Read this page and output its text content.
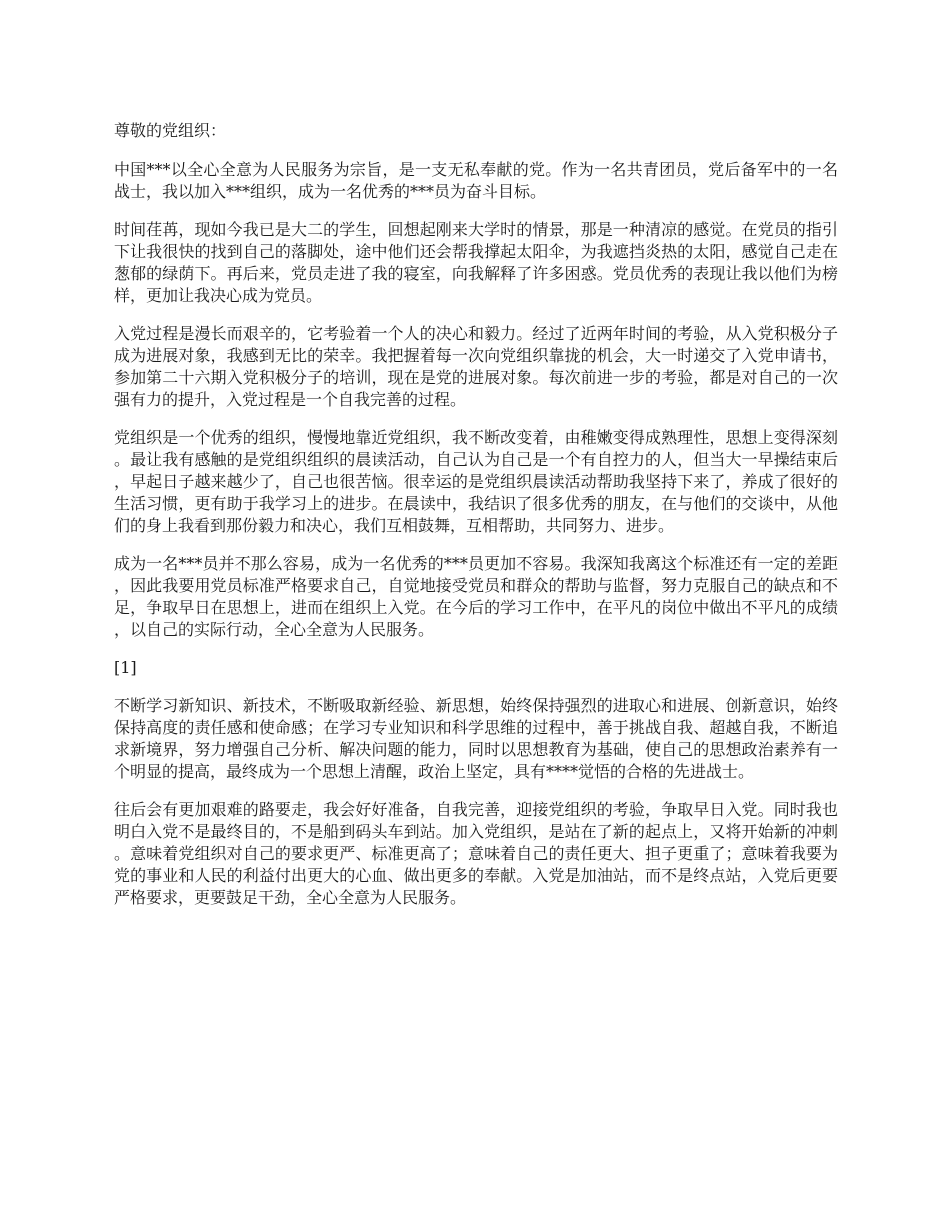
尊敬的党组织：

中国***以全心全意为人民服务为宗旨，是一支无私奉献的党。作为一名共青团员，党后备军中的一名战士，我以加入***组织，成为一名优秀的***员为奋斗目标。

时间荏苒，现如今我已是大二的学生，回想起刚来大学时的情景，那是一种清凉的感觉。在党员的指引下让我很快的找到自己的落脚处，途中他们还会帮我撑起太阳伞，为我遮挡炎热的太阳，感觉自己走在葱郁的绿荫下。再后来，党员走进了我的寝室，向我解释了许多困惑。党员优秀的表现让我以他们为榜样，更加让我决心成为党员。

入党过程是漫长而艰辛的，它考验着一个人的决心和毅力。经过了近两年时间的考验，从入党积极分子成为进展对象，我感到无比的荣幸。我把握着每一次向党组织靠拢的机会，大一时递交了入党申请书，参加第二十六期入党积极分子的培训，现在是党的进展对象。每次前进一步的考验，都是对自己的一次强有力的提升，入党过程是一个自我完善的过程。

党组织是一个优秀的组织，慢慢地靠近党组织，我不断改变着，由稚嫩变得成熟理性，思想上变得深刻。最让我有感触的是党组织组织的晨读活动，自己认为自己是一个有自控力的人，但当大一早操结束后，早起日子越来越少了，自己也很苦恼。很幸运的是党组织晨读活动帮助我坚持下来了，养成了很好的生活习惯，更有助于我学习上的进步。在晨读中，我结识了很多优秀的朋友，在与他们的交谈中，从他们的身上我看到那份毅力和决心，我们互相鼓舞，互相帮助，共同努力、进步。

成为一名***员并不那么容易，成为一名优秀的***员更加不容易。我深知我离这个标准还有一定的差距，因此我要用党员标准严格要求自己，自觉地接受党员和群众的帮助与监督，努力克服自己的缺点和不足，争取早日在思想上，进而在组织上入党。在今后的学习工作中，在平凡的岗位中做出不平凡的成绩，以自己的实际行动，全心全意为人民服务。

[1]

不断学习新知识、新技术，不断吸取新经验、新思想，始终保持强烈的进取心和进展、创新意识，始终保持高度的责任感和使命感；在学习专业知识和科学思维的过程中，善于挑战自我、超越自我，不断追求新境界，努力增强自己分析、解决问题的能力，同时以思想教育为基础，使自己的思想政治素养有一个明显的提高，最终成为一个思想上清醒，政治上坚定，具有****觉悟的合格的先进战士。

往后会有更加艰难的路要走，我会好好准备，自我完善，迎接党组织的考验，争取早日入党。同时我也明白入党不是最终目的，不是船到码头车到站。加入党组织，是站在了新的起点上，又将开始新的冲刺。意味着党组织对自己的要求更严、标准更高了；意味着自己的责任更大、担子更重了；意味着我要为党的事业和人民的利益付出更大的心血、做出更多的奉献。入党是加油站，而不是终点站，入党后更要严格要求，更要鼓足干劲，全心全意为人民服务。
